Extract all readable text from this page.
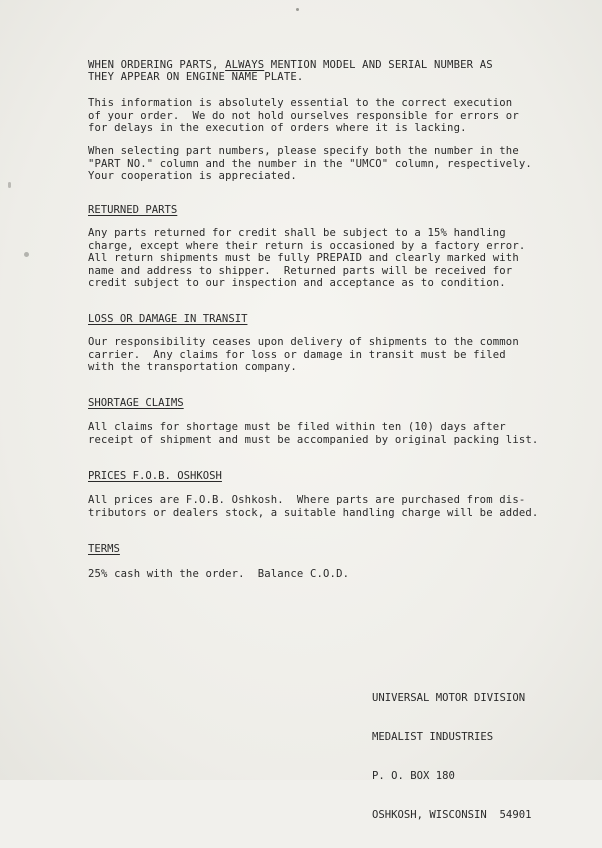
WHEN ORDERING PARTS, ALWAYS MENTION MODEL AND SERIAL NUMBER AS

THEY APPEAR ON ENGINE NAME PLATE.

This information is absolutely essential to the correct execution
of your order.  We do not hold ourselves responsible for errors or
for delays in the execution of orders where it is lacking.

When selecting part numbers, please specify both the number in the
"PART NO." column and the number in the "UMCO" column, respectively.
Your cooperation is appreciated.

RETURNED PARTS

Any parts returned for credit shall be subject to a 15% handling
charge, except where their return is occasioned by a factory error.
All return shipments must be fully PREPAID and clearly marked with
name and address to shipper.  Returned parts will be received for
credit subject to our inspection and acceptance as to condition.

LOSS OR DAMAGE IN TRANSIT

Our responsibility ceases upon delivery of shipments to the common
carrier.  Any claims for loss or damage in transit must be filed
with the transportation company.

SHORTAGE CLAIMS

All claims for shortage must be filed within ten (10) days after
receipt of shipment and must be accompanied by original packing list.

PRICES F.O.B. OSHKOSH

All prices are F.O.B. Oshkosh.  Where parts are purchased from dis-
tributors or dealers stock, a suitable handling charge will be added.

TERMS

25% cash with the order.  Balance C.O.D.

UNIVERSAL MOTOR DIVISION

MEDALIST INDUSTRIES

P. O. BOX 180

OSHKOSH, WISCONSIN  54901
